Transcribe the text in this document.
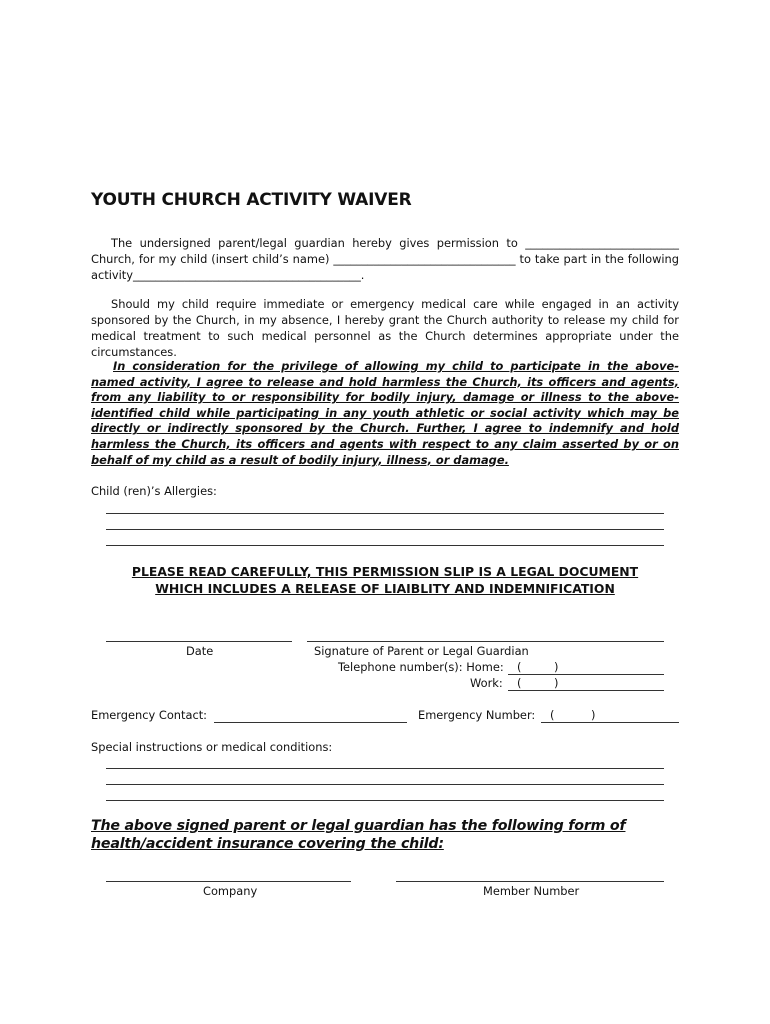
YOUTH CHURCH ACTIVITY WAIVER
The undersigned parent/legal guardian hereby gives permission to ___________________________ Church, for my child (insert child’s name) ________________________________ to take part in the following activity________________________________________.
Should my child require immediate or emergency medical care while engaged in an activity sponsored by the Church, in my absence, I hereby grant the Church authority to release my child for medical treatment to such medical personnel as the Church determines appropriate under the circumstances.
In consideration for the privilege of allowing my child to participate in the above-named activity, I agree to release and hold harmless the Church, its officers and agents, from any liability to or responsibility for bodily injury, damage or illness to the above-identified child while participating in any youth athletic or social activity which may be directly or indirectly sponsored by the Church. Further, I agree to indemnify and hold harmless the Church, its officers and agents with respect to any claim asserted by or on behalf of my child as a result of bodily injury, illness, or damage.
Child (ren)’s Allergies:
PLEASE READ CAREFULLY, THIS PERMISSION SLIP IS A LEGAL DOCUMENT
WHICH INCLUDES A RELEASE OF LIAIBLITY AND INDEMNIFICATION
Date	Signature of Parent or Legal Guardian
Telephone number(s): Home: (	)
Work: (	)
Emergency Contact:	Emergency Number: (	)
Special instructions or medical conditions:
The above signed parent or legal guardian has the following form of health/accident insurance covering the child:
Company	Member Number
